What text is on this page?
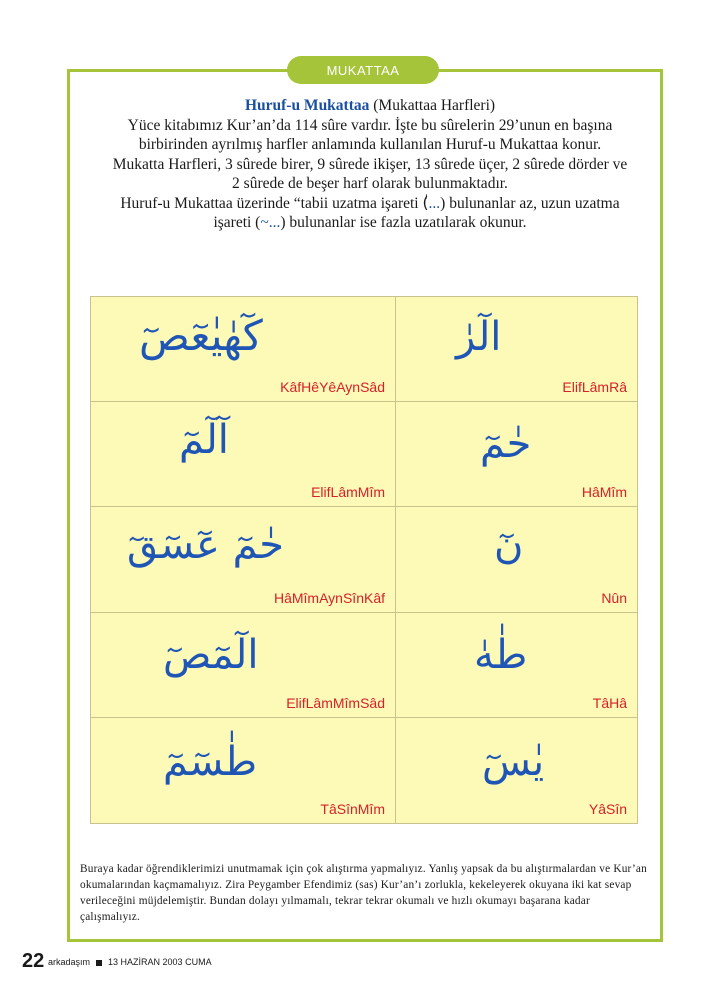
MUKATTAA
Huruf-u Mukattaa (Mukattaa Harfleri)
Yüce kitabımız Kur’an’da 114 sûre vardır. İşte bu sûrelerin 29’unun en başına birbirinden ayrılmış harfler anlamında kullanılan Huruf-u Mukattaa konur.
Mukatta Harfleri, 3 sûrede birer, 9 sûrede ikişer, 13 sûrede üçer, 2 sûrede dörder ve 2 sûrede de beşer harf olarak bulunmaktadır.
Huruf-u Mukattaa üzerinde “tabii uzatma işareti (ٰ...) bulunanlar az, uzun uzatma işareti (~...) bulunanlar ise fazla uzatılarak okunur.
كٓهٰيٰعٓصٓ
KâfHêYêAynSâd
الٓرٰ
ElifLâmRâ
آلٓمٓ
ElifLâmMîm
حٰمٓ
HâMîm
حٰمٓ عٓسٓقٓ
HâMîmAynSînKâf
نٓ
Nûn
الٓمٓصٓ
ElifLâmMîmSâd
طٰهٰ
TâHâ
طٰسٓمٓ
TâSînMîm
يٰسٓ
YâSîn
Buraya kadar öğrendiklerimizi unutmamak için çok alıştırma yapmalıyız. Yanlış yapsak da bu alıştırmalardan ve Kur’an okumalarından kaçmamalıyız. Zira Peygamber Efendimiz (sas) Kur’an’ı zorlukla, kekeleyerek okuyana iki kat sevap verileceğini müjdelemiştir. Bundan dolayı yılmamalı, tekrar tekrar okumalı ve hızlı okumayı başarana kadar çalışmalıyız.
22 arkadaşım 13 HAZİRAN 2003 CUMA
